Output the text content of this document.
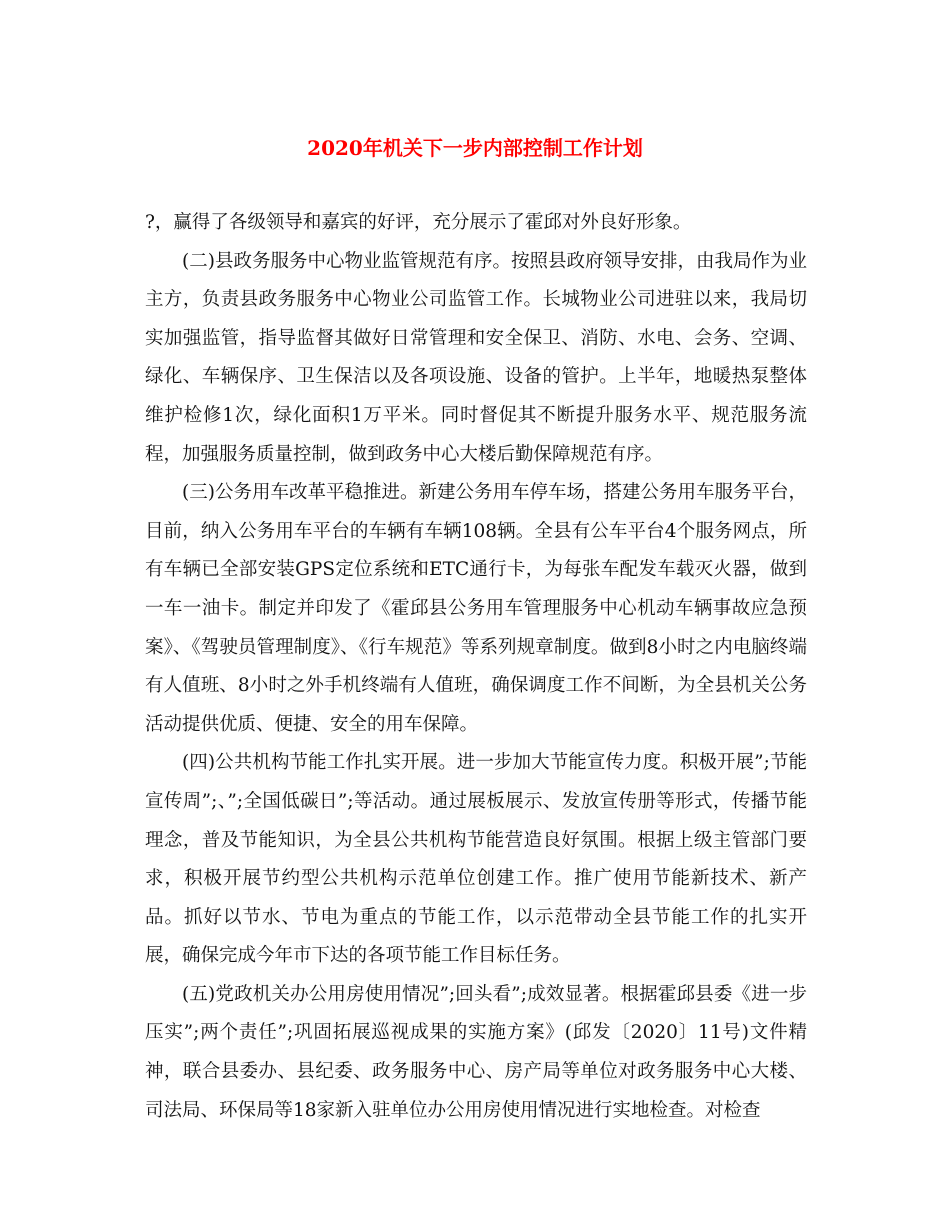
2020年机关下一步内部控制工作计划

?，赢得了各级领导和嘉宾的好评，充分展示了霍邱对外良好形象。

(二)县政务服务中心物业监管规范有序。按照县政府领导安排，由我局作为业主方，负责县政务服务中心物业公司监管工作。长城物业公司进驻以来，我局切实加强监管，指导监督其做好日常管理和安全保卫、消防、水电、会务、空调、绿化、车辆保序、卫生保洁以及各项设施、设备的管护。上半年，地暖热泵整体维护检修1次，绿化面积1万平米。同时督促其不断提升服务水平、规范服务流程，加强服务质量控制，做到政务中心大楼后勤保障规范有序。

(三)公务用车改革平稳推进。新建公务用车停车场，搭建公务用车服务平台，目前，纳入公务用车平台的车辆有车辆108辆。全县有公车平台4个服务网点，所有车辆已全部安装GPS定位系统和ETC通行卡，为每张车配发车载灭火器，做到一车一油卡。制定并印发了《霍邱县公务用车管理服务中心机动车辆事故应急预案》、《驾驶员管理制度》、《行车规范》等系列规章制度。做到8小时之内电脑终端有人值班、8小时之外手机终端有人值班，确保调度工作不间断，为全县机关公务活动提供优质、便捷、安全的用车保障。

(四)公共机构节能工作扎实开展。进一步加大节能宣传力度。积极开展”;节能宣传周”;、”;全国低碳日”;等活动。通过展板展示、发放宣传册等形式，传播节能理念，普及节能知识，为全县公共机构节能营造良好氛围。根据上级主管部门要求，积极开展节约型公共机构示范单位创建工作。推广使用节能新技术、新产品。抓好以节水、节电为重点的节能工作，以示范带动全县节能工作的扎实开展，确保完成今年市下达的各项节能工作目标任务。

(五)党政机关办公用房使用情况”;回头看”;成效显著。根据霍邱县委《进一步压实”;两个责任”;巩固拓展巡视成果的实施方案》(邱发〔2020〕11号)文件精神，联合县委办、县纪委、政务服务中心、房产局等单位对政务服务中心大楼、司法局、环保局等18家新入驻单位办公用房使用情况进行实地检查。对检查
